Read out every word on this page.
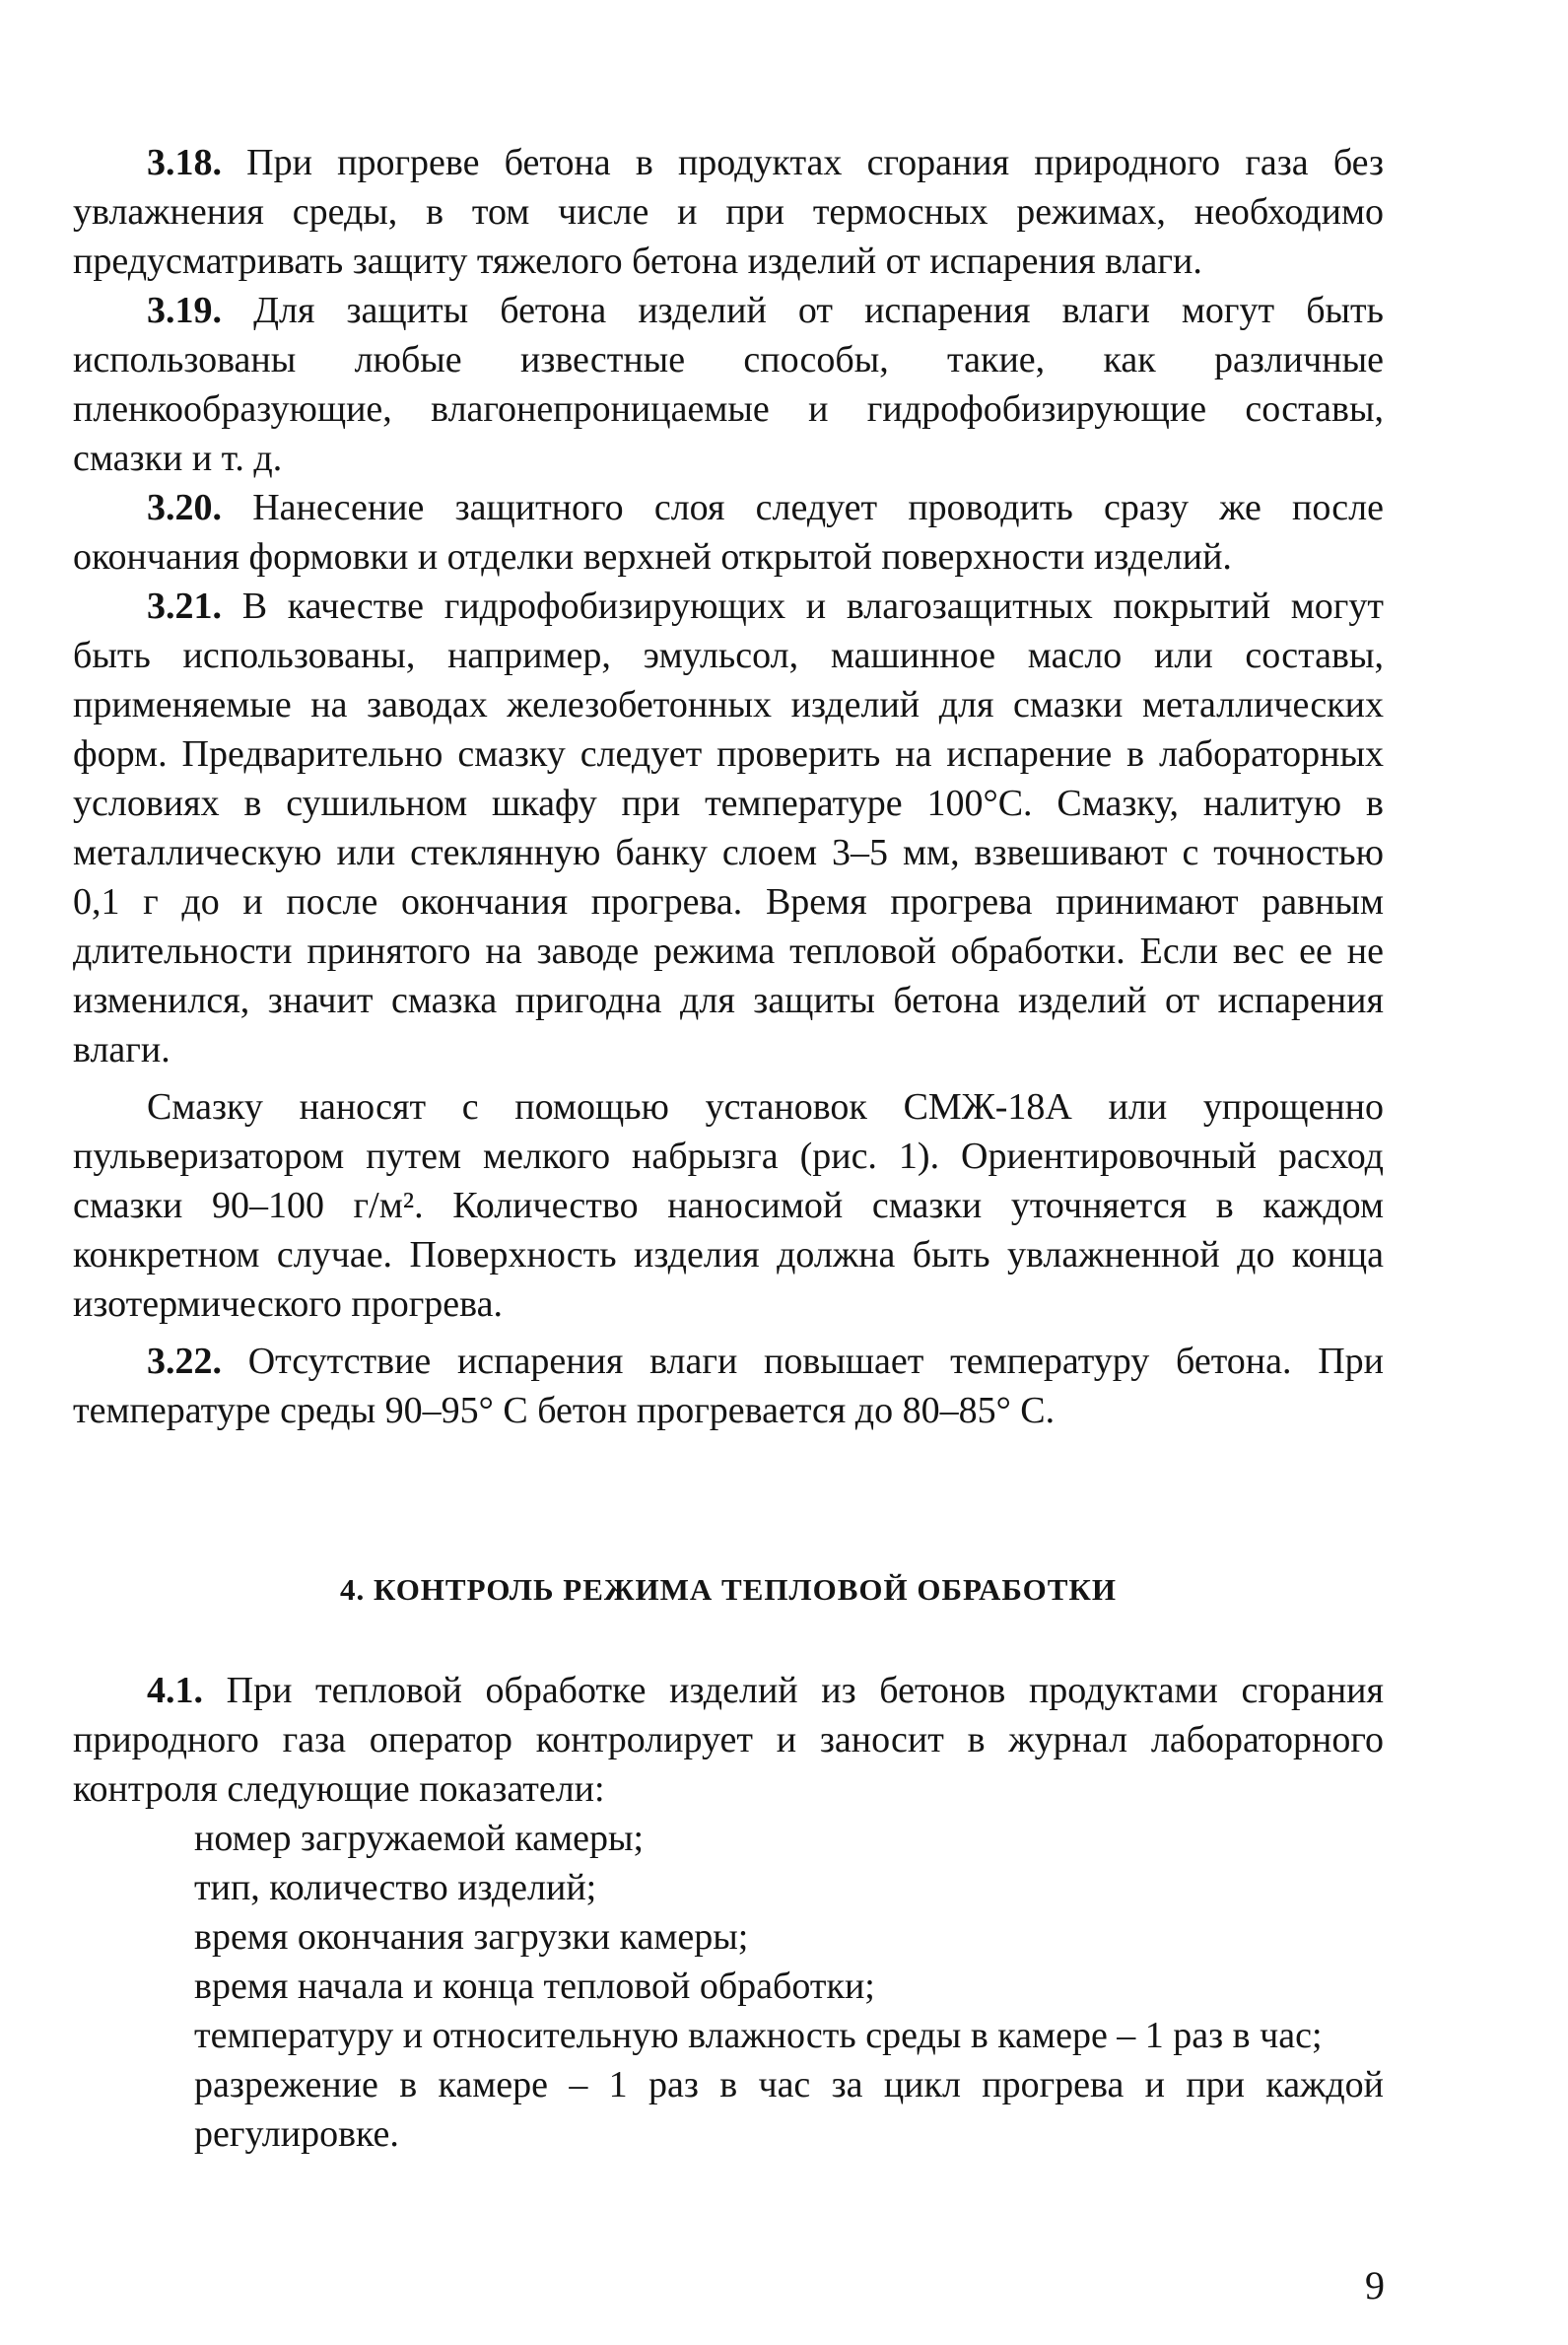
3.18. При прогреве бетона в продуктах сгорания природного газа без увлажнения среды, в том числе и при термосных режимах, необходимо предусматривать защиту тяжелого бетона изделий от испарения влаги.

3.19. Для защиты бетона изделий от испарения влаги могут быть использованы любые известные способы, такие, как различные пленкообразующие, влагонепроницаемые и гидрофобизирующие составы, смазки и т. д.

3.20. Нанесение защитного слоя следует проводить сразу же после окончания формовки и отделки верхней открытой поверхности изделий.

3.21. В качестве гидрофобизирующих и влагозащитных покрытий могут быть использованы, например, эмульсол, машинное масло или составы, применяемые на заводах железобетонных изделий для смазки металлических форм. Предварительно смазку следует проверить на испарение в лабораторных условиях в сушильном шкафу при температуре 100°С. Смазку, налитую в металлическую или стеклянную банку слоем 3–5 мм, взвешивают с точностью 0,1 г до и после окончания прогрева. Время прогрева принимают равным длительности принятого на заводе режима тепловой обработки. Если вес ее не изменился, значит смазка пригодна для защиты бетона изделий от испарения влаги.

Смазку наносят с помощью установок СМЖ-18А или упрощенно пульверизатором путем мелкого набрызга (рис. 1). Ориентировочный расход смазки 90–100 г/м². Количество наносимой смазки уточняется в каждом конкретном случае. Поверхность изделия должна быть увлажненной до конца изотермического прогрева.

3.22. Отсутствие испарения влаги повышает температуру бетона. При температуре среды 90–95° С бетон прогревается до 80–85° С.

4. КОНТРОЛЬ РЕЖИМА ТЕПЛОВОЙ ОБРАБОТКИ

4.1. При тепловой обработке изделий из бетонов продуктами сгорания природного газа оператор контролирует и заносит в журнал лабораторного контроля следующие показатели:

номер загружаемой камеры;
тип, количество изделий;
время окончания загрузки камеры;
время начала и конца тепловой обработки;
температуру и относительную влажность среды в камере – 1 раз в час;
разрежение в камере – 1 раз в час за цикл прогрева и при каждой регулировке.
9
